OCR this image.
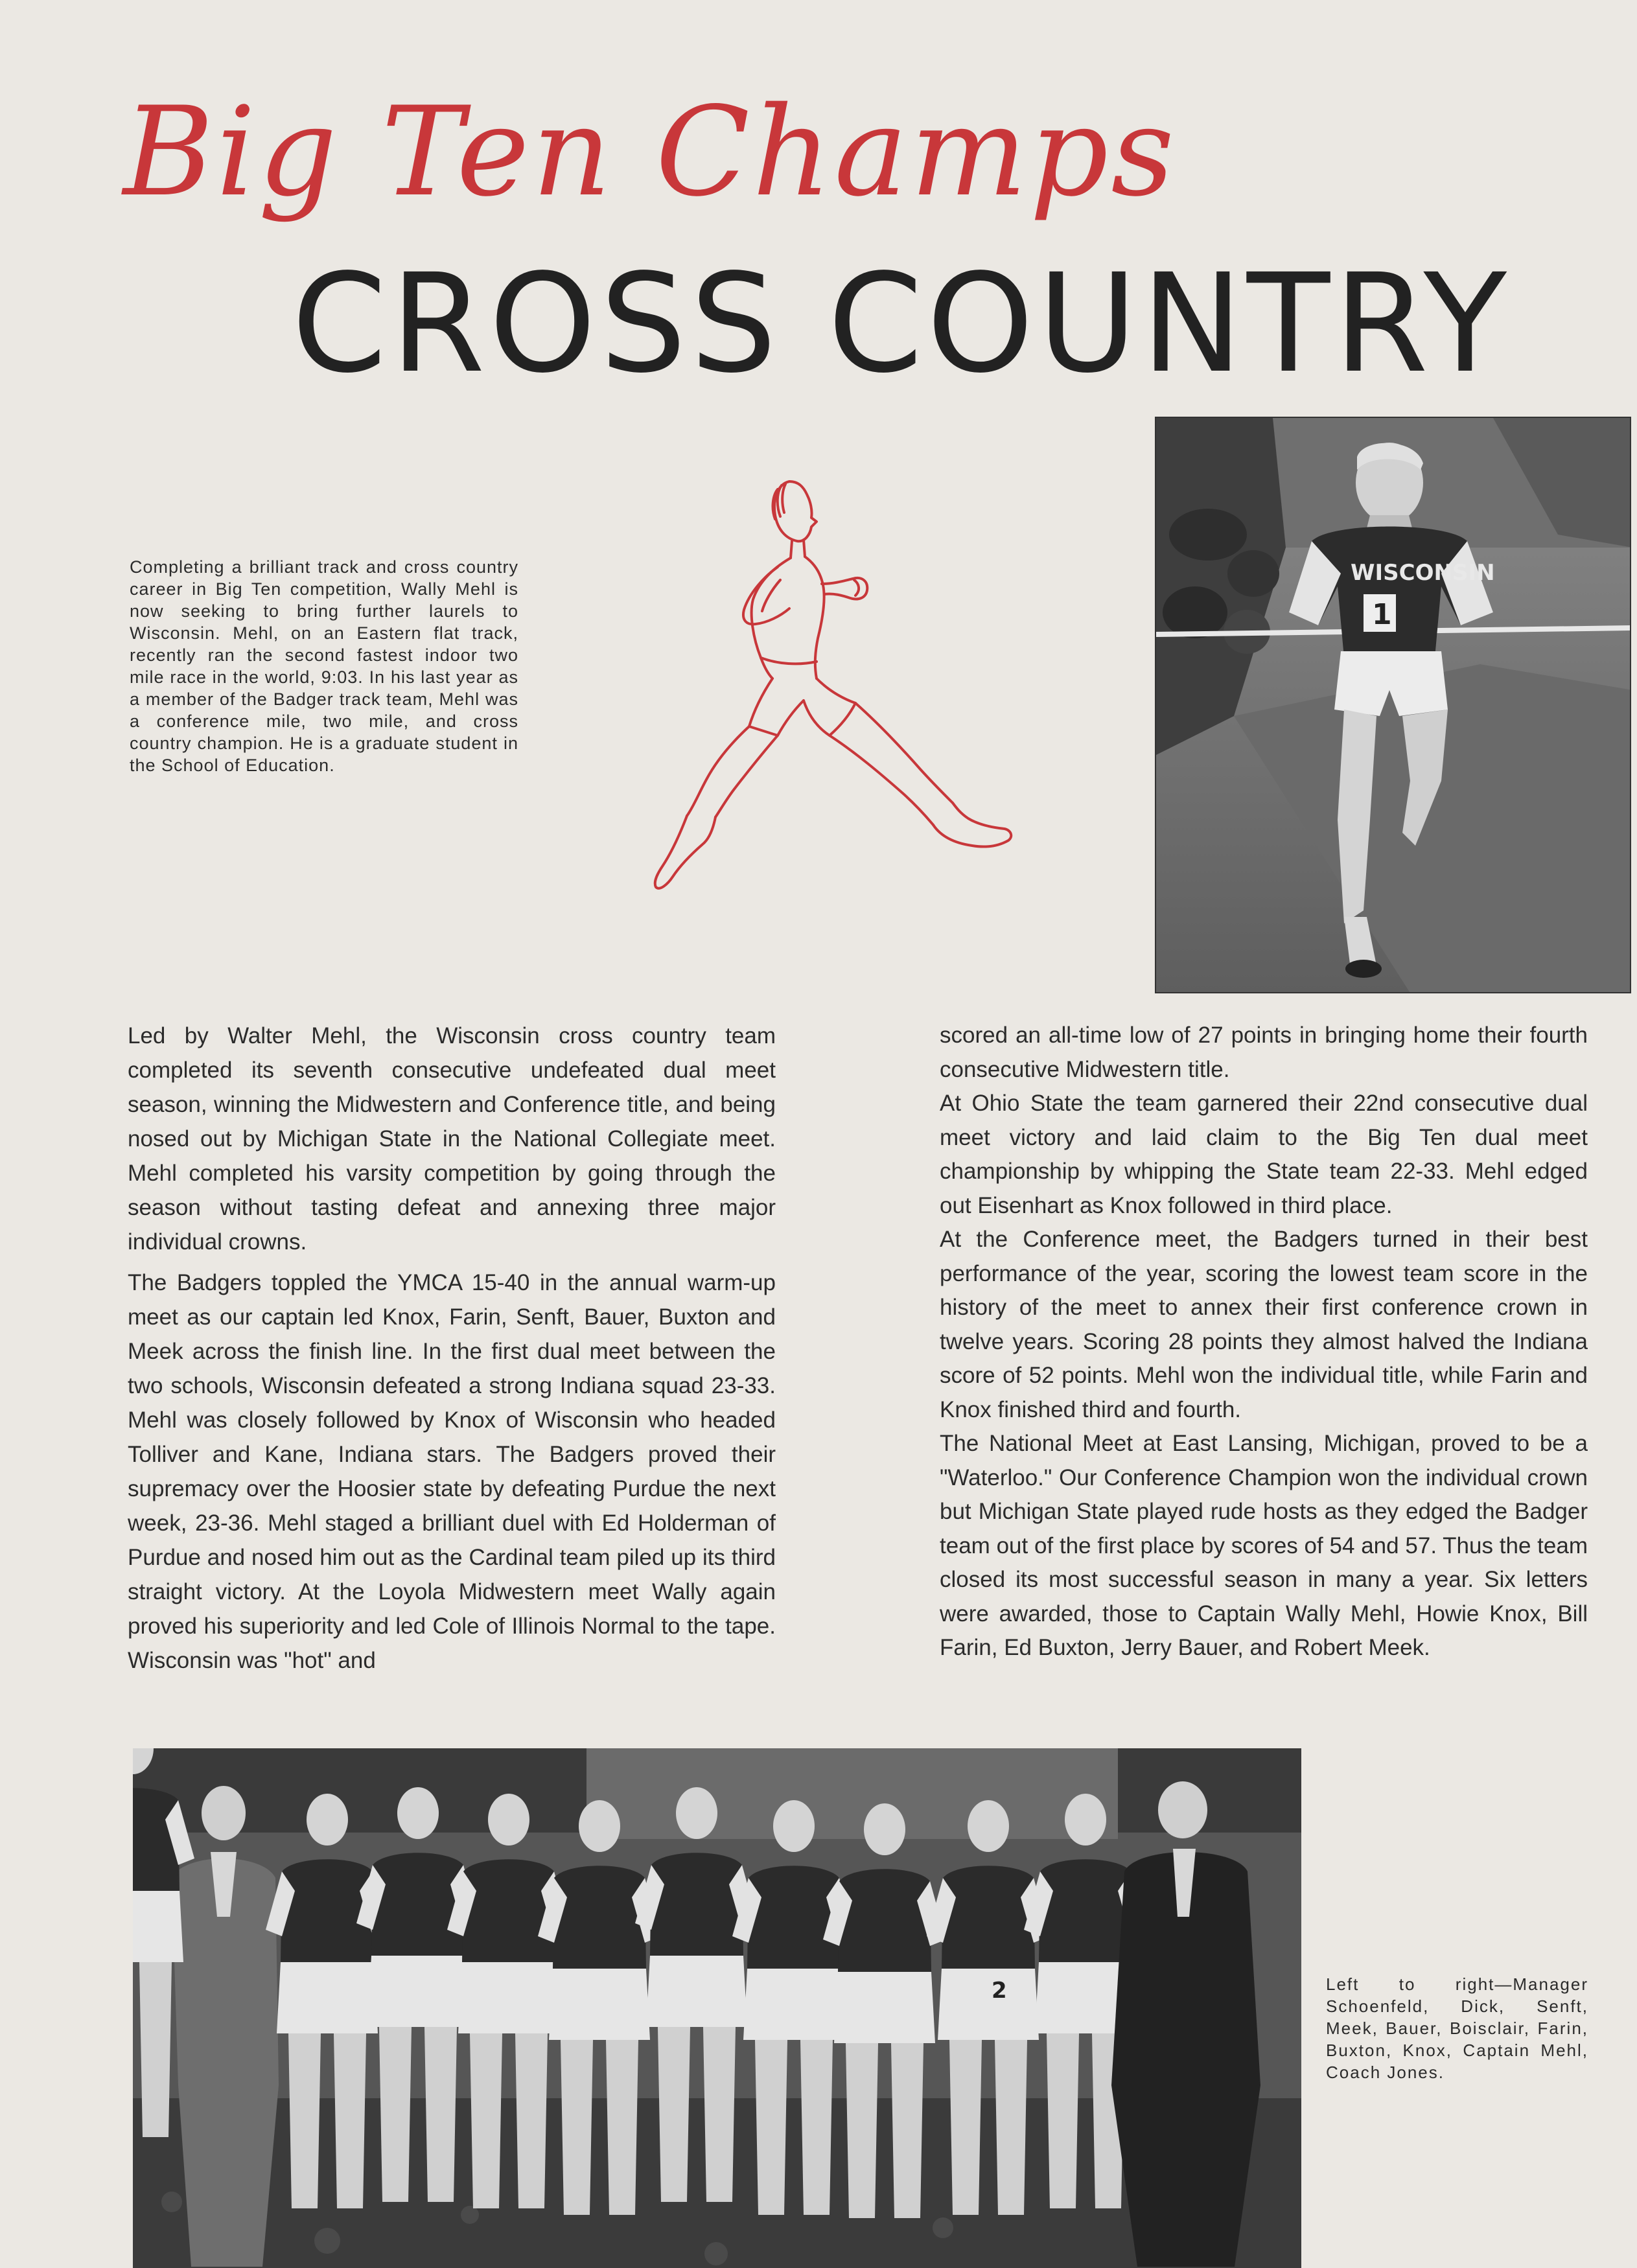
Big Ten Champs
CROSS COUNTRY
Completing a brilliant track and cross country career in Big Ten competition, Wally Mehl is now seeking to bring further laurels to Wisconsin. Mehl, on an Eastern flat track, recently ran the second fastest indoor two mile race in the world, 9:03. In his last year as a member of the Badger track team, Mehl was a conference mile, two mile, and cross country champion. He is a graduate student in the School of Education.
WISCONSIN
1

Led by Walter Mehl, the Wisconsin cross country team completed its seventh consecutive undefeated dual meet season, winning the Midwestern and Conference title, and being nosed out by Michigan State in the National Collegiate meet. Mehl completed his varsity competition by going through the season without tasting defeat and annexing three major individual crowns.

The Badgers toppled the YMCA 15-40 in the annual warm-up meet as our captain led Knox, Farin, Senft, Bauer, Buxton and Meek across the finish line. In the first dual meet between the two schools, Wisconsin defeated a strong Indiana squad 23-33. Mehl was closely followed by Knox of Wisconsin who headed Tolliver and Kane, Indiana stars. The Badgers proved their supremacy over the Hoosier state by defeating Purdue the next week, 23-36. Mehl staged a brilliant duel with Ed Holderman of Purdue and nosed him out as the Cardinal team piled up its third straight victory. At the Loyola Midwestern meet Wally again proved his superiority and led Cole of Illinois Normal to the tape. Wisconsin was "hot" and

scored an all-time low of 27 points in bringing home their fourth consecutive Midwestern title.

At Ohio State the team garnered their 22nd consecutive dual meet victory and laid claim to the Big Ten dual meet championship by whipping the State team 22-33. Mehl edged out Eisenhart as Knox followed in third place.

At the Conference meet, the Badgers turned in their best performance of the year, scoring the lowest team score in the history of the meet to annex their first conference crown in twelve years. Scoring 28 points they almost halved the Indiana score of 52 points. Mehl won the individual title, while Farin and Knox finished third and fourth.

The National Meet at East Lansing, Michigan, proved to be a "Waterloo." Our Conference Champion won the individual crown but Michigan State played rude hosts as they edged the Badger team out of the first place by scores of 54 and 57. Thus the team closed its most successful season in many a year. Six letters were awarded, those to Captain Wally Mehl, Howie Knox, Bill Farin, Ed Buxton, Jerry Bauer, and Robert Meek.

2	Left to right—Manager Schoenfeld, Dick, Senft, Meek, Bauer, Boisclair, Farin, Buxton, Knox, Captain Mehl, Coach Jones.
